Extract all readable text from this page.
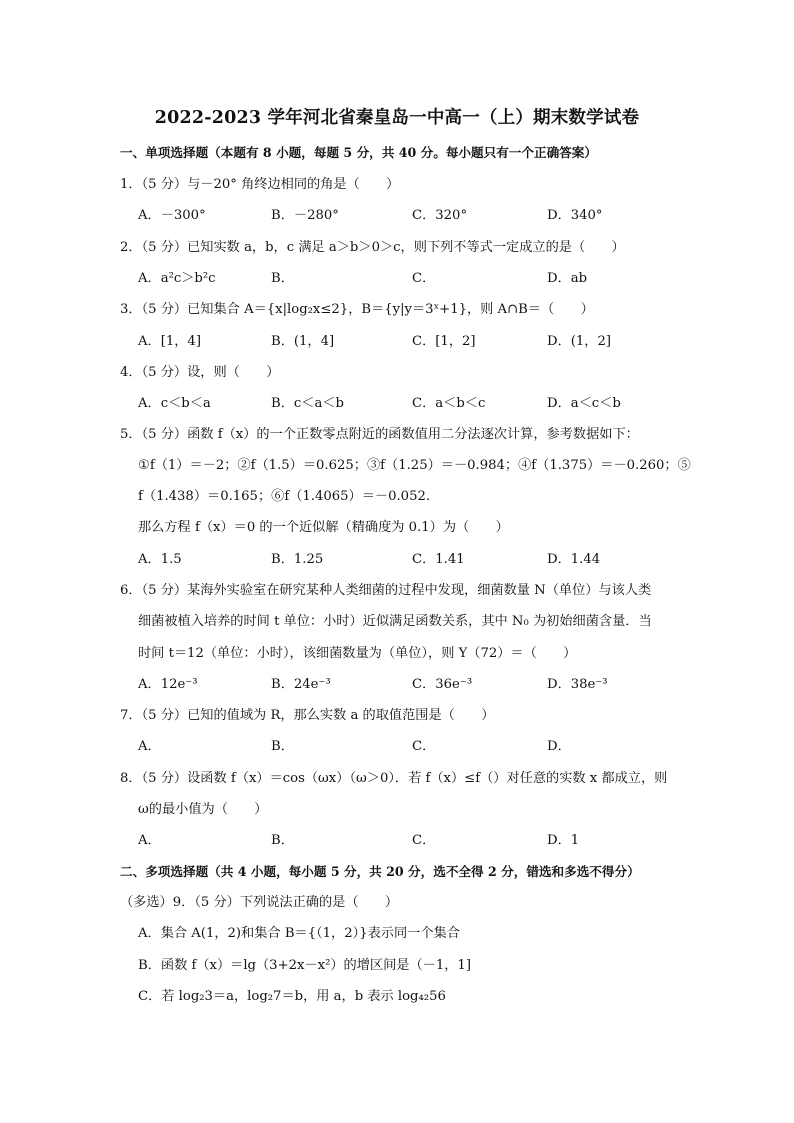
2022-2023 学年河北省秦皇岛一中高一（上）期末数学试卷
一、单项选择题（本题有 8 小题，每题 5 分，共 40 分。每小题只有一个正确答案）
1．（5 分）与－20° 角终边相同的角是（　　）
A．－300°	B．－280°	C．320°	D．340°
2．（5 分）已知实数 a，b，c 满足 a＞b＞0＞c，则下列不等式一定成立的是（　　）
A．a²c＞b²c	B．	C．	D．ab
3．（5 分）已知集合 A＝{x|log₂x≤2}，B＝{y|y＝3ˣ+1}，则 A∩B＝（　　）
A．[1，4]	B．(1，4]	C．[1，2]	D．(1，2]
4．（5 分）设，则（　　）
A．c＜b＜a	B．c＜a＜b	C．a＜b＜c	D．a＜c＜b
5．（5 分）函数 f（x）的一个正数零点附近的函数值用二分法逐次计算，参考数据如下：
①f（1）＝－2；②f（1.5）＝0.625；③f（1.25）＝－0.984；④f（1.375）＝－0.260；⑤
f（1.438）＝0.165；⑥f（1.4065）＝－0.052.
那么方程 f（x）＝0 的一个近似解（精确度为 0.1）为（　　）
A．1.5	B．1.25	C．1.41	D．1.44
6．（5 分）某海外实验室在研究某种人类细菌的过程中发现，细菌数量 N（单位）与该人类
细菌被植入培养的时间 t 单位：小时）近似满足函数关系，其中 N₀ 为初始细菌含量．当
时间 t＝12（单位：小时），该细菌数量为（单位），则 Y（72）＝（　　）
A．12e⁻³	B．24e⁻³	C．36e⁻³	D．38e⁻³
7．（5 分）已知的值域为 R，那么实数 a 的取值范围是（　　）
A．	B．	C．	D．
8．（5 分）设函数 f（x）＝cos（ωx）（ω＞0）．若 f（x）≤f（）对任意的实数 x 都成立，则
ω的最小值为（　　）
A．	B．	C．	D．1
二、多项选择题（共 4 小题，每小题 5 分，共 20 分，选不全得 2 分，错选和多选不得分）
（多选）9．（5 分）下列说法正确的是（　　）
A．集合 A(1，2)和集合 B＝{（1，2）}表示同一个集合
B．函数 f（x）＝lg（3+2x－x²）的增区间是（－1，1]
C．若 log₂3＝a，log₂7＝b，用 a，b 表示 log₄₂56
